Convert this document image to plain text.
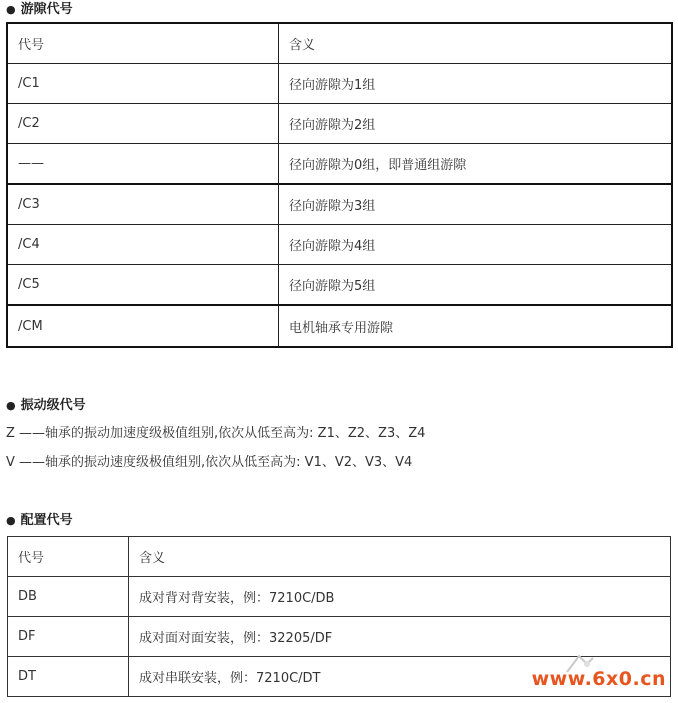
● 游隙代号
代号	含义
/C1	径向游隙为1组
/C2	径向游隙为2组
——	径向游隙为0组，即普通组游隙
/C3	径向游隙为3组
/C4	径向游隙为4组
/C5	径向游隙为5组
/CM	电机轴承专用游隙
● 振动级代号
Z ——轴承的振动加速度级极值组别,依次从低至高为: Z1、Z2、Z3、Z4
V ——轴承的振动速度级极值组别,依次从低至高为: V1、V2、V3、V4
● 配置代号
代号	含义
DB	成对背对背安装，例：7210C/DB
DF	成对面对面安装，例：32205/DF
DT	成对串联安装，例：7210C/DT	www.6x0.cn
